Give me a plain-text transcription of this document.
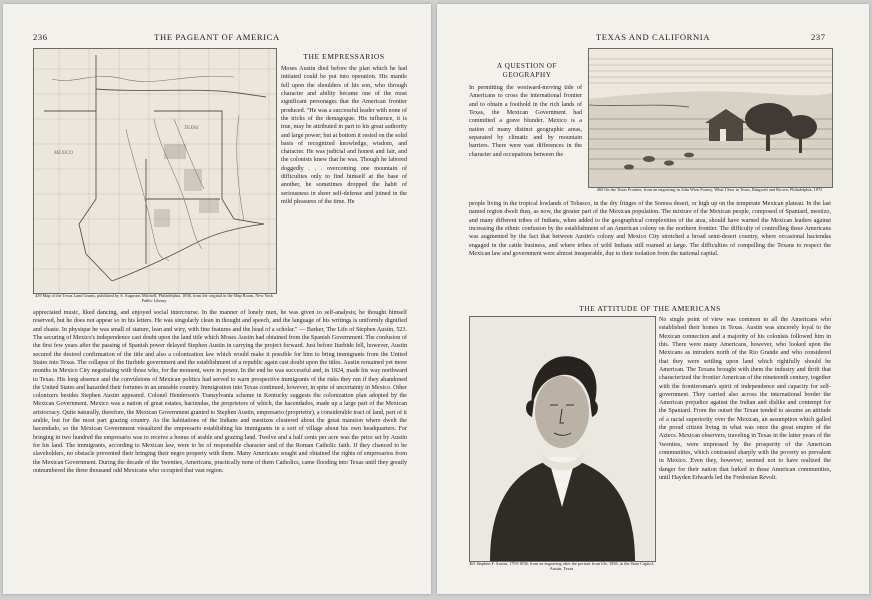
236	THE PAGEANT OF AMERICA
TEXAS
MEXICO
439 Map of the Texas Land Grants, published by S. Augustus Mitchell, Philadelphia, 1836, from the original in the Map Room, New York Public Library
THE EMPRESSARIOS

Moses Austin died before the plan which he had initiated could be put into operation. His mantle fell upon the shoulders of his son, who through character and ability became one of the most significant personages that the American frontier produced. "He was a successful leader with none of the tricks of the demagogue. His influence, it is true, may be attributed in part to his great authority and large power; but at bottom it rested on the solid basis of recognized knowledge, wisdom, and character. He was judicial and honest and fair, and the colonists knew that he was. Though he labored doggedly . . . overcoming one mountain of difficulties only to find himself at the base of another, he sometimes dropped the habit of seriousness in sheer self-defense and joined in the mild pleasures of the time. He

appreciated music, liked dancing, and enjoyed social intercourse. In the manner of lonely men, he was given to self-analysis; he thought himself reserved, but he does not appear so in his letters. He was singularly clean in thought and speech, and the language of his writings is uniformly dignified and chaste. In physique he was small of stature, lean and wiry, with fine features and the head of a scholar." — Barker, The Life of Stephen Austin, 523. The securing of Mexico's independence cast doubt upon the land title which Moses Austin had obtained from the Spanish Government. The confusion of the first few years after the passing of Spanish power delayed Stephen Austin in carrying the project forward. Just before Iturbide fell, however, Austin secured the desired confirmation of the title and also a colonization law which would make it possible for him to bring immigrants from the United States into Texas. The collapse of the Iturbide government and the establishment of a republic again cast doubt upon the titles. Austin remained yet more months in Mexico City negotiating with those who, for the moment, were in power. In the end he was successful and, in 1824, made his way northward to Texas. His long absence and the convulsions of Mexican politics had served to warn prospective immigrants of the risks they ran if they abandoned the United States and hazarded their fortunes in an unstable country. Immigration into Texas continued, however, in spite of uncertainty in Mexico. Other colonizers besides Stephen Austin appeared. Colonel Henderson's Transylvania scheme in Kentucky suggests the colonization plan adopted by the Mexican Government. Mexico was a nation of great estates, haciendas, the proprietors of which, the hacendados, made up a large part of the Mexican aristocracy. Quite naturally, therefore, the Mexican Government granted to Stephen Austin, empresario (proprietor), a considerable tract of land, part of it arable, but for the most part grazing country. As the habitations of the Indians and mestizos clustered about the great mansion where dwelt the hacendado, so the Mexican Government visualized the empresario establishing his immigrants in a sort of village about his own headquarters. For bringing in two hundred the empresario was to receive a bonus of arable and grazing land. Twelve and a half cents per acre was the price set by Austin for his land. The immigrants, according to Mexican law, were to be of responsible character and of the Roman Catholic faith. If they chanced to be slaveholders, no obstacle prevented their bringing their negro property with them. Many Americans sought and obtained the rights of empresarios from the Mexican Government. During the decade of the 'twenties, Americans, practically none of them Catholics, came flooding into Texas until they greatly outnumbered the three thousand odd Mexicans who occupied that vast region.

TEXAS AND CALIFORNIA	237
A QUESTION OF GEOGRAPHY

In permitting the westward-moving tide of Americans to cross the international frontier and to obtain a foothold in the rich lands of Texas, the Mexican Government had committed a grave blunder. Mexico is a nation of many distinct geographic areas, separated by climatic and by mountain barriers. There were vast differences in the character and occupations between the

460 On the Texas Frontier, from an engraving in John Wien Forney, What I Saw in Texas, Ringwalt and Brown, Philadelphia, 1872

people living in the tropical lowlands of Tobasco, in the dry fringes of the Sonora desert, or high up on the temperate Mexican plateau. In the last named region dwelt then, as now, the greater part of the Mexican population. The mixture of the Mexican people, composed of Spaniard, mestizo, and many different tribes of Indians, when added to the geographical complexities of the area, should have warned the Mexican leaders against increasing the ethnic confusion by the establishment of an American colony on the northern frontier. The difficulty of controlling these Americans was augmented by the fact that between Austin's colony and Mexico City stretched a broad semi-desert country, where occasional haciendas engaged in the cattle business, and where tribes of wild Indians still roamed at large. The difficulties of compelling the Texans to respect the Mexican law and government were almost insuperable, due to their isolation from the national capital.

THE ATTITUDE OF THE AMERICANS
461 Stephen F. Austin, 1793-1836, from an engraving after the portrait from life, 1836, in the State Capitol, Austin, Texas

No single point of view was common to all the Americans who established their homes in Texas. Austin was sincerely loyal to the Mexican connection and a majority of his colonists followed him in this. There were many Americans, however, who looked upon the Mexicans as intruders north of the Rio Grande and who considered that they were settling upon land which rightfully should be American. The Texans brought with them the industry and thrift that characterized the frontier American of the nineteenth century, together with the frontiersman's spirit of independence and capacity for self-government. They carried also across the international border the American prejudice against the Indian and dislike and contempt for the Spaniard. From the outset the Texan tended to assume an attitude of a racial superiority over the Mexican, an assumption which galled the proud citizen living in what was once the great empire of the Aztecs. Mexican observers, traveling in Texas in the latter years of the 'twenties, were impressed by the prosperity of the American communities, which contrasted sharply with the poverty so prevalent in Mexico. Even they, however, seemed not to have realized the danger for their nation that lurked in these American communities, until Hayden Edwards led the Fredonian Revolt.
